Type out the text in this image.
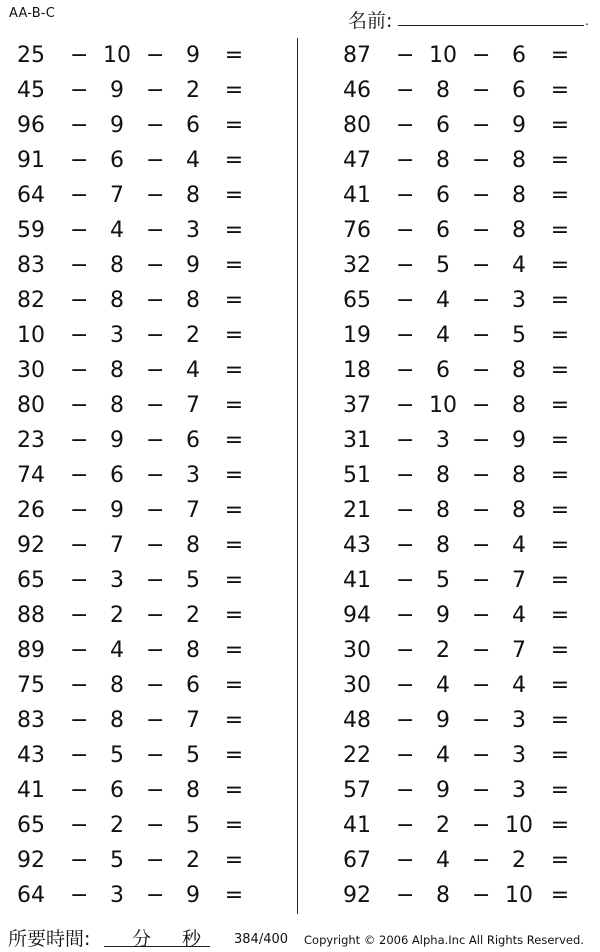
AA-B-C	名前:	.
25 − 10 − 9	=
45 − 9	− 2	=
96 − 9	− 6	=
91 − 6	− 4	=
64 − 7	− 8	=
59 − 4	− 3	=
83 − 8	− 9	=
82 − 8	− 8	=
10 − 3	− 2	=
30 − 8	− 4	=
80 − 8	− 7	=
23 − 9	− 6	=
74 − 6	− 3	=
26 − 9	− 7	=
92 − 7	− 8	=
65 − 3	− 5	=
88 − 2	− 2	=
89 − 4	− 8	=
75 − 8	− 6	=
83 − 8	− 7	=
43 − 5	− 5	=
41 − 6	− 8	=
65 − 2	− 5	=
92 − 5	− 2	=
64 − 3	− 9	=
87 − 10 − 6	=
46 − 8	− 6	=
80 − 6	− 9	=
47 − 8	− 8	=
41 − 6	− 8	=
76 − 6	− 8	=
32 − 5	− 4	=
65 − 4	− 3	=
19 − 4	− 5	=
18 − 6	− 8	=
37 − 10 − 8	=
31 − 3	− 9	=
51 − 8	− 8	=
21 − 8	− 8	=
43 − 8	− 4	=
41 − 5	− 7	=
94 − 9	− 4	=
30 − 2	− 7	=
30 − 4	− 4	=
48 − 9	− 3	=
22 − 4	− 3	=
57 − 9	− 3	=
41 − 2	− 10 =
67 − 4	− 2	=
92 − 8	− 10 =
所要時間: 分 秒	384/400 Copyright © 2006 Alpha.Inc All Rights Reserved.
